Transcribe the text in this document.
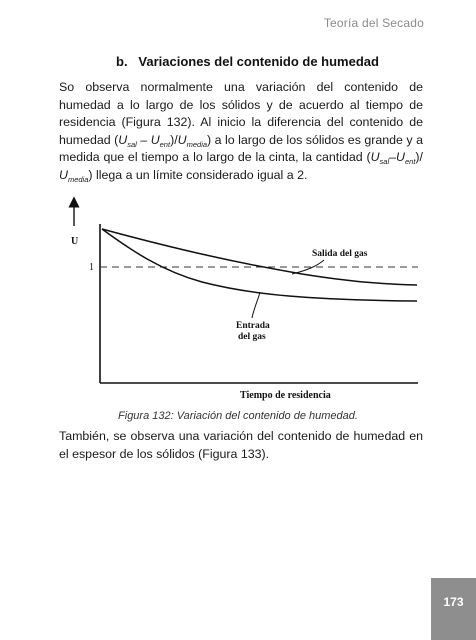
Teoría del Secado
b.   Variaciones del contenido de humedad

So observa normalmente una variación del contenido de humedad a lo largo de los sólidos y de acuerdo al tiempo de residencia (Figura 132). Al inicio la diferencia del contenido de humedad $(U_{sal} - U_{ent})/U_{media}$) a lo largo de los sólidos es grande y a medida que el tiempo a lo largo de la cinta, la cantidad $(U_{sal}-U_{ent})/$ $U_{media}$) llega a un límite considerado igual a 2.

U
1
Salida del gas
Entrada
del gas
Tiempo de residencia
Figura 132: Variación del contenido de humedad.

También, se observa una variación del contenido de humedad en el espesor de los sólidos (Figura 133).

173
